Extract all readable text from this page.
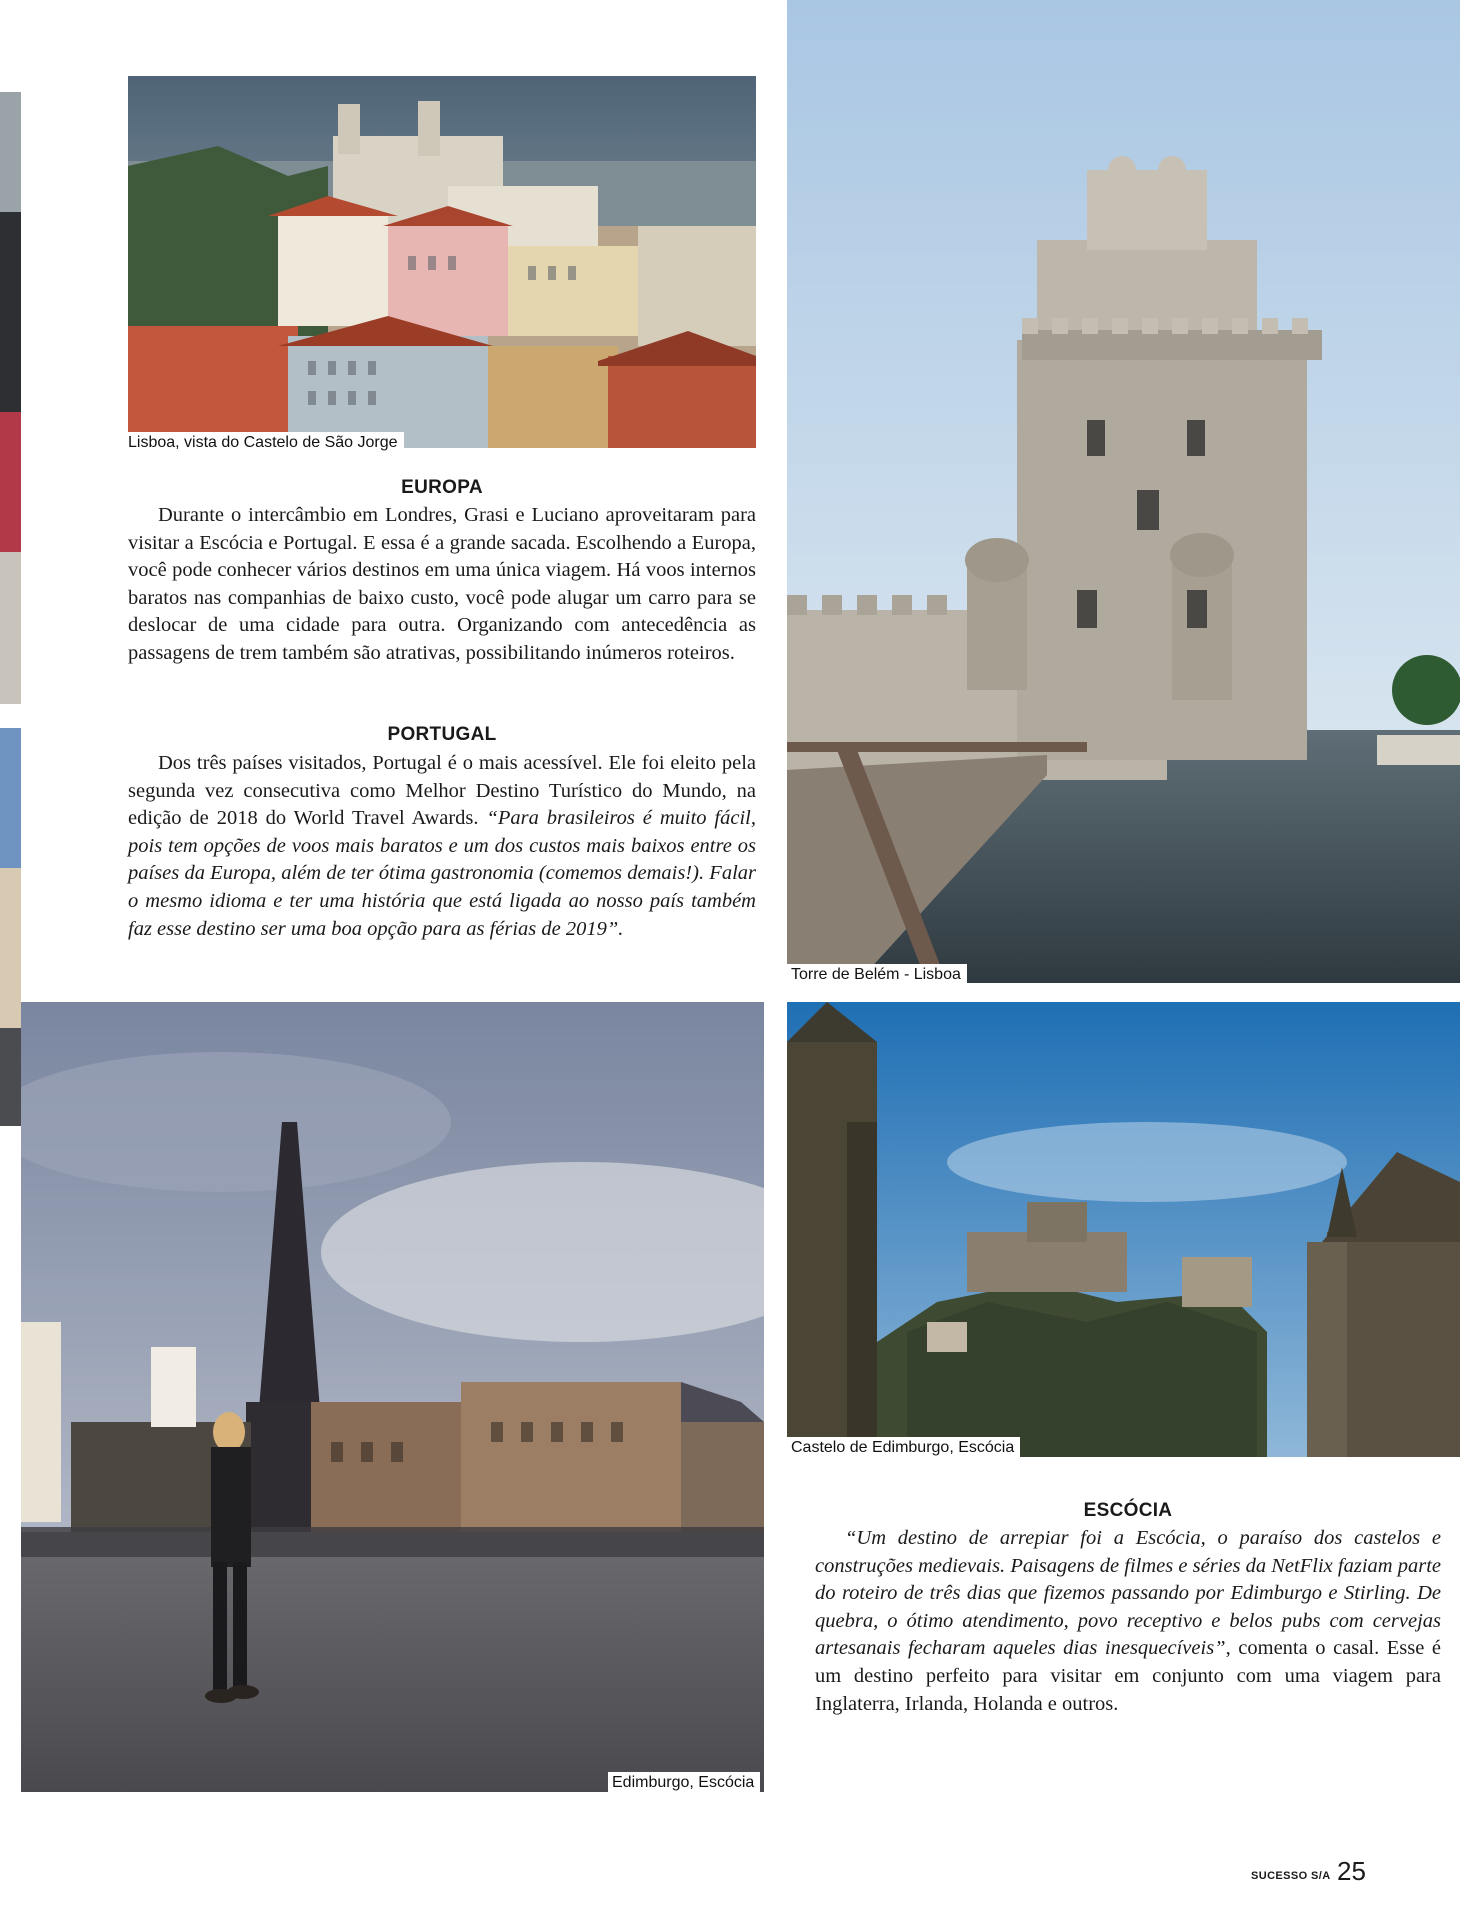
Lisboa, vista do Castelo de São Jorge
Torre de Belém - Lisboa
EUROPA

Durante o intercâmbio em Londres, Grasi e Luciano aproveitaram para visitar a Escócia e Portugal. E essa é a grande sacada. Escolhendo a Europa, você pode conhecer vários destinos em uma única viagem. Há voos internos baratos nas companhias de baixo custo, você pode alugar um carro para se deslocar de uma cidade para outra. Organizando com antecedência as passagens de trem também são atrativas, possibilitando inúmeros roteiros.

PORTUGAL

Dos três países visitados, Portugal é o mais acessível. Ele foi eleito pela segunda vez consecutiva como Melhor Destino Turístico do Mundo, na edição de 2018 do World Travel Awards. “Para brasileiros é muito fácil, pois tem opções de voos mais baratos e um dos custos mais baixos entre os países da Europa, além de ter ótima gastronomia (comemos demais!). Falar o mesmo idioma e ter uma história que está ligada ao nosso país também faz esse destino ser uma boa opção para as férias de 2019”.

Edimburgo, Escócia
Castelo de Edimburgo, Escócia
ESCÓCIA

“Um destino de arrepiar foi a Escócia, o paraíso dos castelos e construções medievais. Paisagens de filmes e séries da NetFlix faziam parte do roteiro de três dias que fizemos passando por Edimburgo e Stirling. De quebra, o ótimo atendimento, povo receptivo e belos pubs com cervejas artesanais fecharam aqueles dias inesquecíveis”, comenta o casal. Esse é um destino perfeito para visitar em conjunto com uma viagem para Inglaterra, Irlanda, Holanda e outros.

SUCESSO S/A 25
